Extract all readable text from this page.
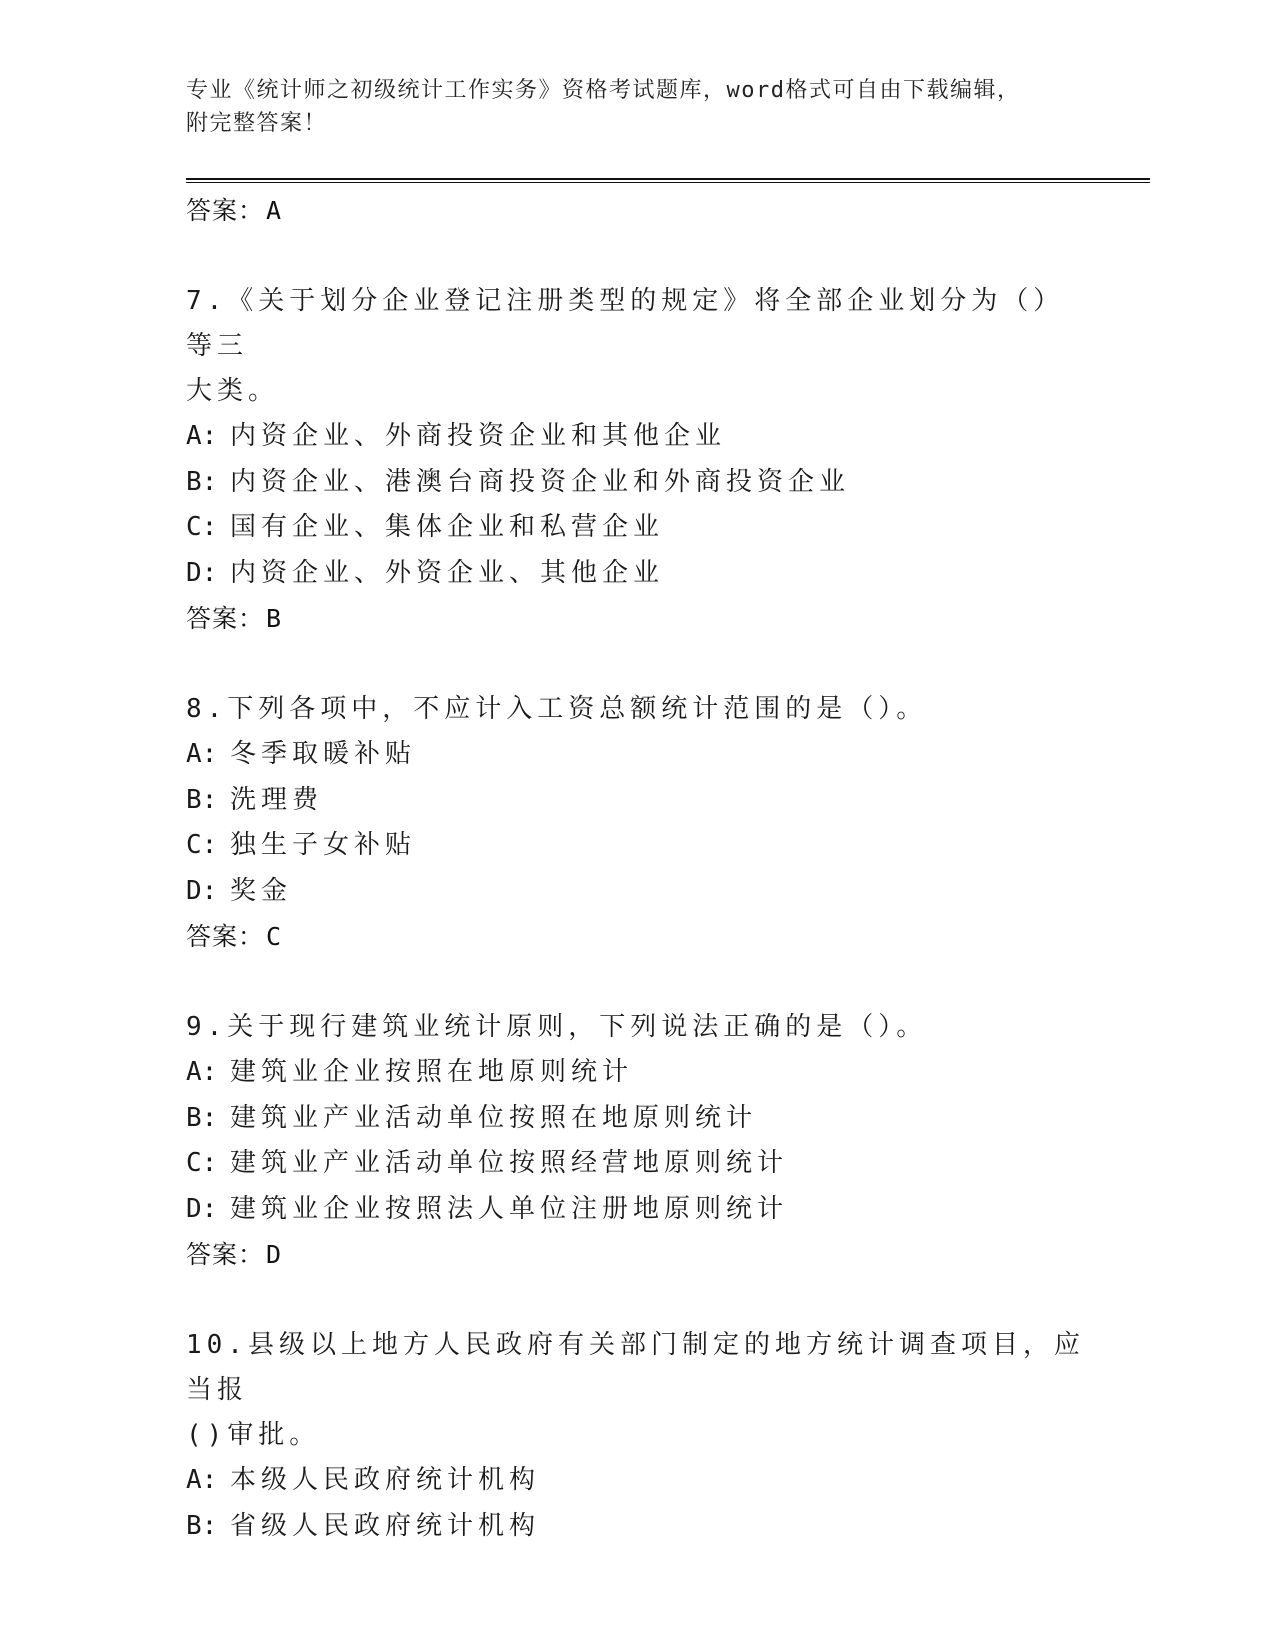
专业《统计师之初级统计工作实务》资格考试题库，word格式可自由下载编辑，
附完整答案！
答案：A
7.《关于划分企业登记注册类型的规定》将全部企业划分为（）等三
大类。
A: 内资企业、外商投资企业和其他企业
B: 内资企业、港澳台商投资企业和外商投资企业
C: 国有企业、集体企业和私营企业
D: 内资企业、外资企业、其他企业
答案：B
8.下列各项中，不应计入工资总额统计范围的是（）。
A: 冬季取暖补贴
B: 洗理费
C: 独生子女补贴
D: 奖金
答案：C
9.关于现行建筑业统计原则，下列说法正确的是（）。
A: 建筑业企业按照在地原则统计
B: 建筑业产业活动单位按照在地原则统计
C: 建筑业产业活动单位按照经营地原则统计
D: 建筑业企业按照法人单位注册地原则统计
答案：D
10.县级以上地方人民政府有关部门制定的地方统计调查项目，应当报
()审批。
A: 本级人民政府统计机构
B: 省级人民政府统计机构
